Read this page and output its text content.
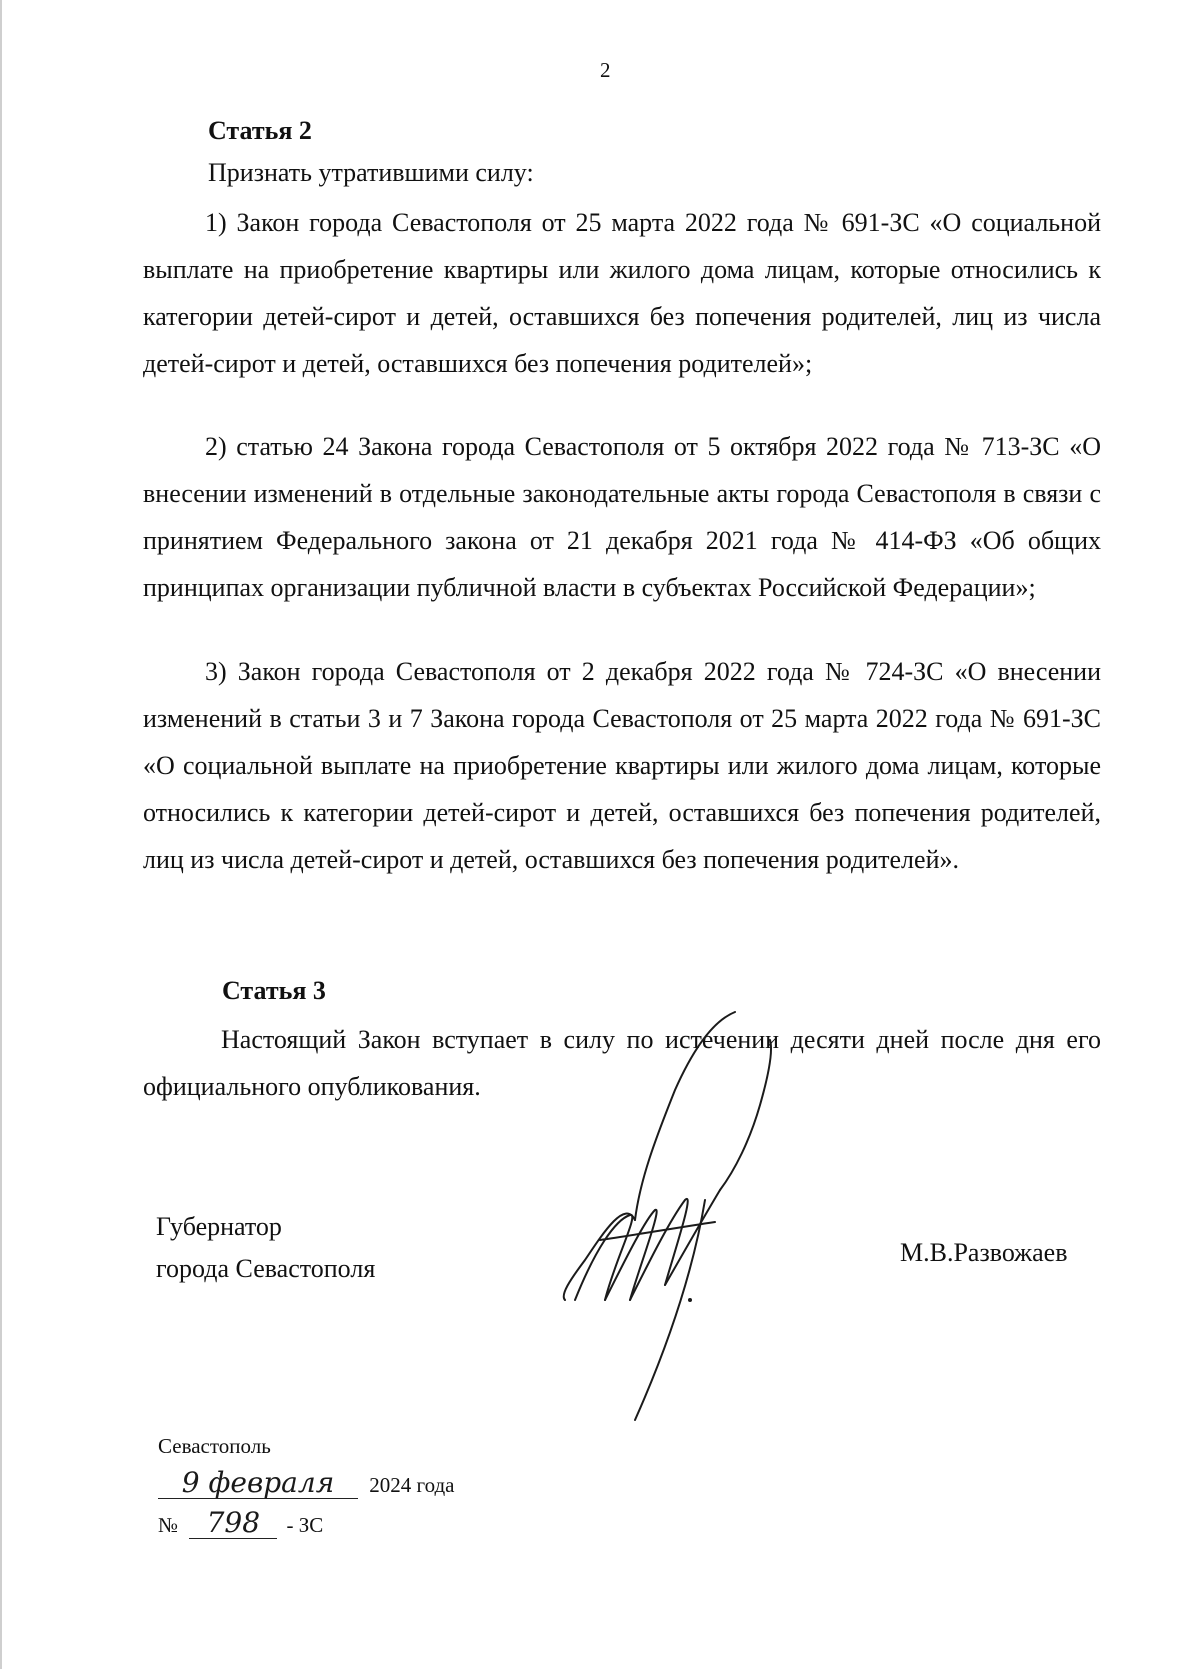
2
Статья 2
Признать утратившими силу:
1) Закон города Севастополя от 25 марта 2022 года № 691-ЗС «О социальной выплате на приобретение квартиры или жилого дома лицам, которые относились к категории детей-сирот и детей, оставшихся без попечения родителей, лиц из числа детей-сирот и детей, оставшихся без попечения родителей»;
2) статью 24 Закона города Севастополя от 5 октября 2022 года № 713-ЗС «О внесении изменений в отдельные законодательные акты города Севастополя в связи с принятием Федерального закона от 21 декабря 2021 года № 414-ФЗ «Об общих принципах организации публичной власти в субъектах Российской Федерации»;
3) Закон города Севастополя от 2 декабря 2022 года № 724-ЗС «О внесении изменений в статьи 3 и 7 Закона города Севастополя от 25 марта 2022 года № 691-ЗС «О социальной выплате на приобретение квартиры или жилого дома лицам, которые относились к категории детей-сирот и детей, оставшихся без попечения родителей, лиц из числа детей-сирот и детей, оставшихся без попечения родителей».
Статья 3
Настоящий Закон вступает в силу по истечении десяти дней после дня его официального опубликования.
Губернатор
города Севастополя
М.В.Развожаев
Севастополь
9 февраля 2024 года
№ 798 - ЗС
